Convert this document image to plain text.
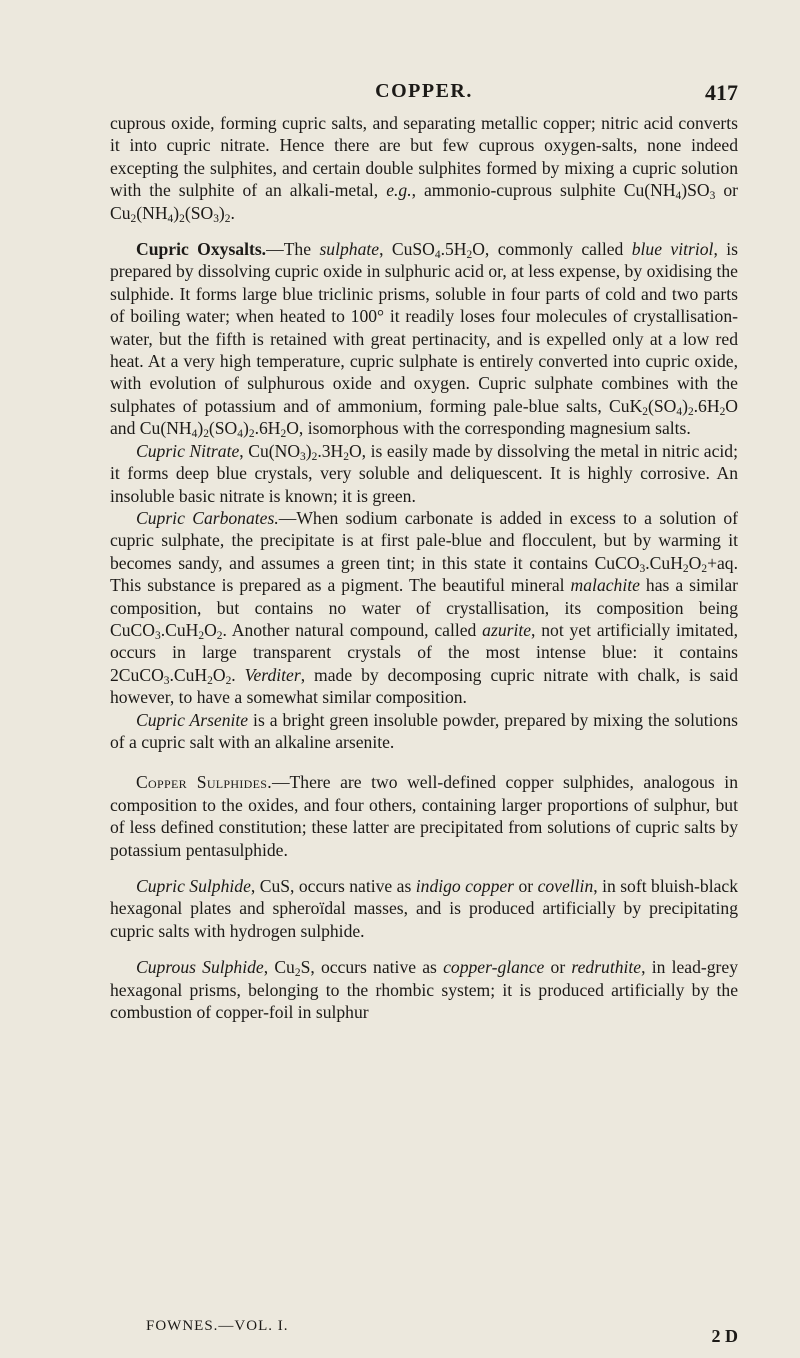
COPPER.	417

cuprous oxide, forming cupric salts, and separating metallic copper; nitric acid converts it into cupric nitrate. Hence there are but few cuprous oxygen-salts, none indeed excepting the sulphites, and certain double sulphites formed by mixing a cupric solution with the sulphite of an alkali-metal, e.g., ammonio-cuprous sulphite $Cu(NH_4)SO_3$ or $Cu_2(NH_4)_2(SO_3)_2$.

Cupric Oxysalts.—The sulphate, $CuSO_4.5H_2O$, commonly called blue vitriol, is prepared by dissolving cupric oxide in sulphuric acid or, at less expense, by oxidising the sulphide. It forms large blue triclinic prisms, soluble in four parts of cold and two parts of boiling water; when heated to 100° it readily loses four molecules of crystallisation-water, but the fifth is retained with great pertinacity, and is expelled only at a low red heat. At a very high temperature, cupric sulphate is entirely converted into cupric oxide, with evolution of sulphurous oxide and oxygen. Cupric sulphate combines with the sulphates of potassium and of ammonium, forming pale-blue salts, $CuK_2(SO_4)_2.6H_2O$ and $Cu(NH_4)_2(SO_4)_2.6H_2O$, isomorphous with the corresponding magnesium salts.

Cupric Nitrate, $Cu(NO_3)_2.3H_2O$, is easily made by dissolving the metal in nitric acid; it forms deep blue crystals, very soluble and deliquescent. It is highly corrosive. An insoluble basic nitrate is known; it is green.

Cupric Carbonates.—When sodium carbonate is added in excess to a solution of cupric sulphate, the precipitate is at first pale-blue and flocculent, but by warming it becomes sandy, and assumes a green tint; in this state it contains $CuCO_3.CuH_2O_2+aq$. This substance is prepared as a pigment. The beautiful mineral malachite has a similar composition, but contains no water of crystallisation, its composition being $CuCO_3.CuH_2O_2$. Another natural compound, called azurite, not yet artificially imitated, occurs in large transparent crystals of the most intense blue: it contains $2CuCO_3.CuH_2O_2$. Verditer, made by decomposing cupric nitrate with chalk, is said however, to have a somewhat similar composition.

Cupric Arsenite is a bright green insoluble powder, prepared by mixing the solutions of a cupric salt with an alkaline arsenite.

Copper Sulphides.—There are two well-defined copper sulphides, analogous in composition to the oxides, and four others, containing larger proportions of sulphur, but of less defined constitution; these latter are precipitated from solutions of cupric salts by potassium pentasulphide.

Cupric Sulphide, CuS, occurs native as indigo copper or covellin, in soft bluish-black hexagonal plates and spheroïdal masses, and is produced artificially by precipitating cupric salts with hydrogen sulphide.

Cuprous Sulphide, $Cu_2S$, occurs native as copper-glance or redruthite, in lead-grey hexagonal prisms, belonging to the rhombic system; it is produced artificially by the combustion of copper-foil in sulphur

FOWNES.—VOL. I.	2 D
